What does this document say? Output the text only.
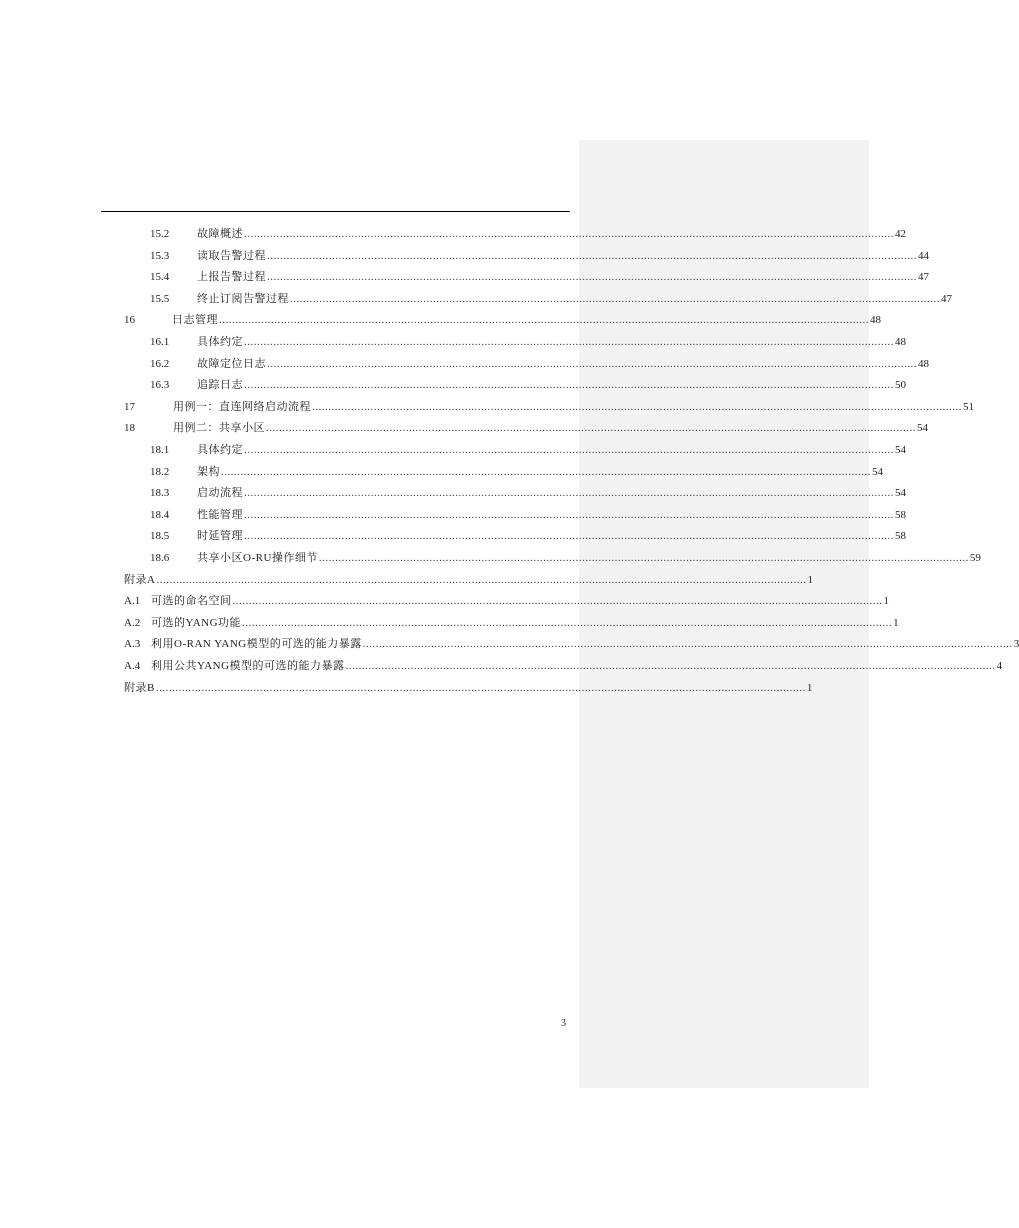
15.2	故障概述 ........................................................................................................................................................................................................ 42
15.3	读取告警过程 ........................................................................................................................................................................................................ 44
15.4	上报告警过程 ........................................................................................................................................................................................................ 47
15.5	终止订阅告警过程 ........................................................................................................................................................................................................ 47
16	日志管理 ........................................................................................................................................................................................................ 48
16.1	具体约定 ........................................................................................................................................................................................................ 48
16.2	故障定位日志 ........................................................................................................................................................................................................ 48
16.3	追踪日志 ........................................................................................................................................................................................................ 50
17	用例一：直连网络启动流程 ........................................................................................................................................................................................................ 51
18	用例二：共享小区 ........................................................................................................................................................................................................ 54
18.1	具体约定 ........................................................................................................................................................................................................ 54
18.2	架构 ........................................................................................................................................................................................................ 54
18.3	启动流程 ........................................................................................................................................................................................................ 54
18.4	性能管理 ........................................................................................................................................................................................................ 58
18.5	时延管理 ........................................................................................................................................................................................................ 58
18.6	共享小区O-RU操作细节 ........................................................................................................................................................................................................ 59
附录A ........................................................................................................................................................................................................ 1
A.1 可选的命名空间 ........................................................................................................................................................................................................ 1
A.2 可选的YANG功能 ........................................................................................................................................................................................................ 1
A.3 利用O-RAN YANG模型的可选的能力暴露 ........................................................................................................................................................................................................ 3
A.4 利用公共YANG模型的可选的能力暴露 ........................................................................................................................................................................................................ 4
附录B ........................................................................................................................................................................................................ 1
3
